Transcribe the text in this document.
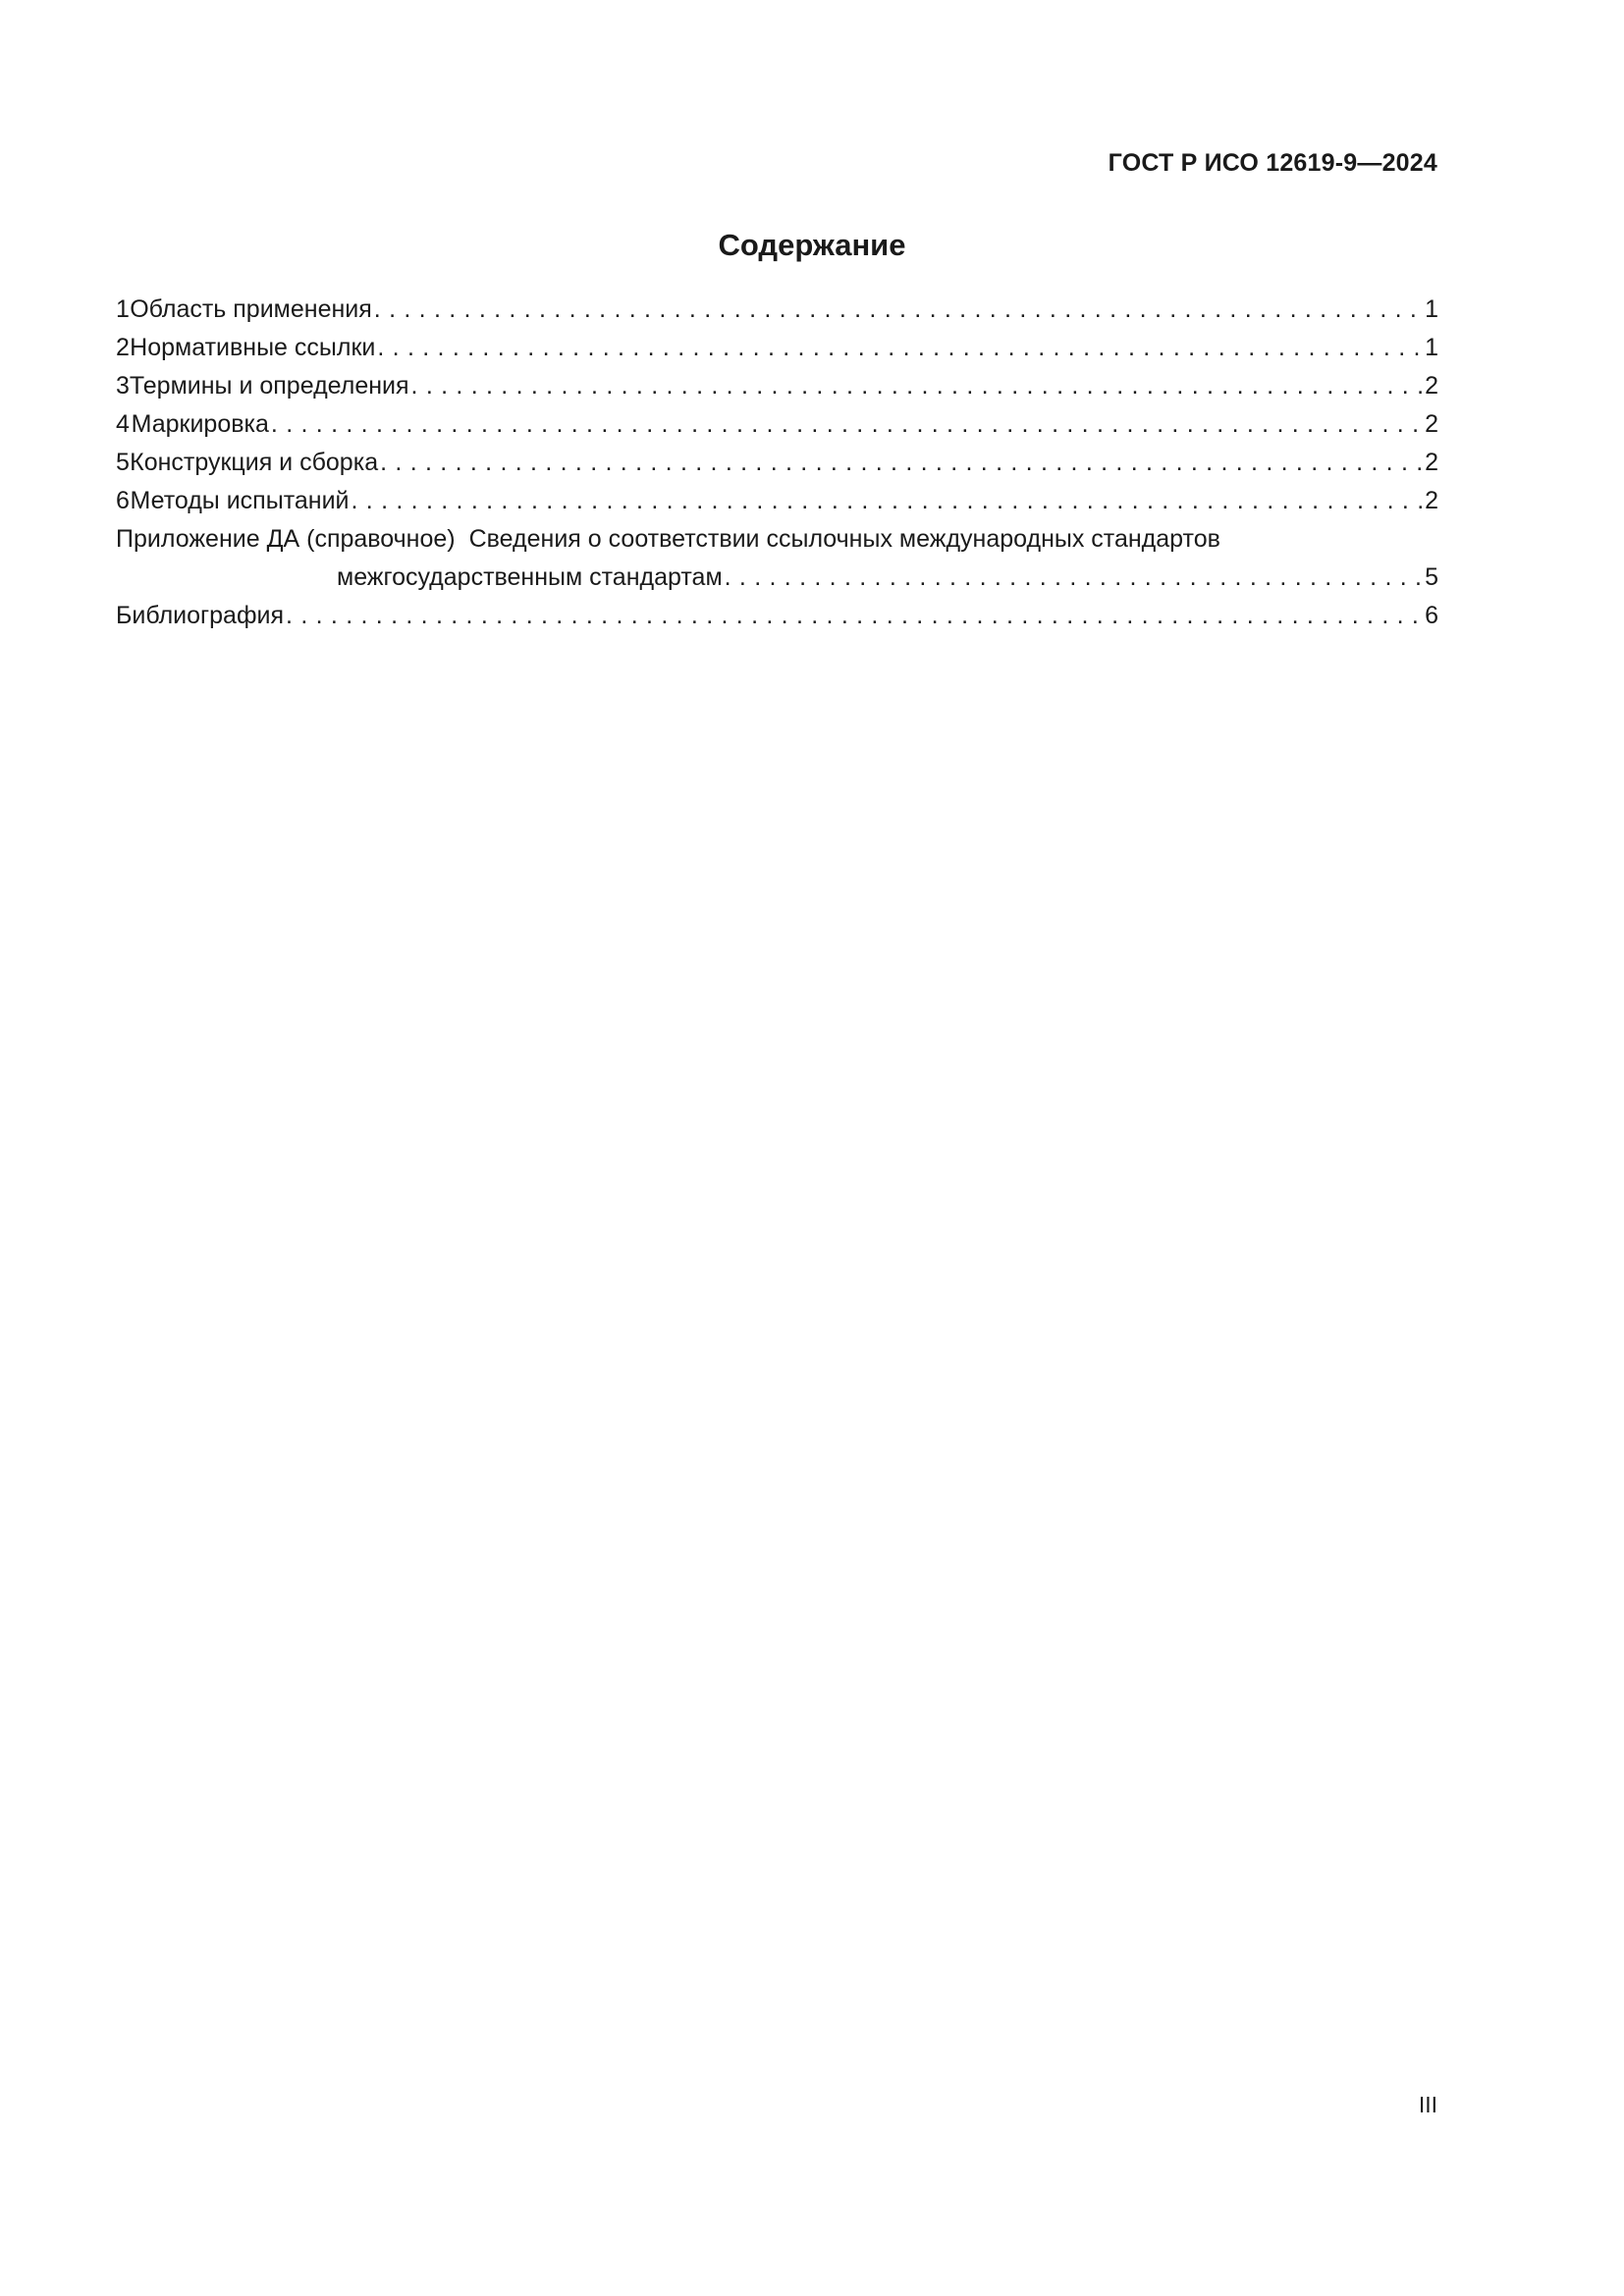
ГОСТ Р ИСО 12619-9—2024
Содержание
1 Область применения . . .	1
2 Нормативные ссылки . . .	1
3 Термины и определения . . .	2
4 Маркировка . . .	2
5 Конструкция и сборка . . .	2
6 Методы испытаний . . .	2
Приложение ДА (справочное) Сведения о соответствии ссылочных международных стандартов
межгосударственным стандартам . . .	5
Библиография . . .	6
III
